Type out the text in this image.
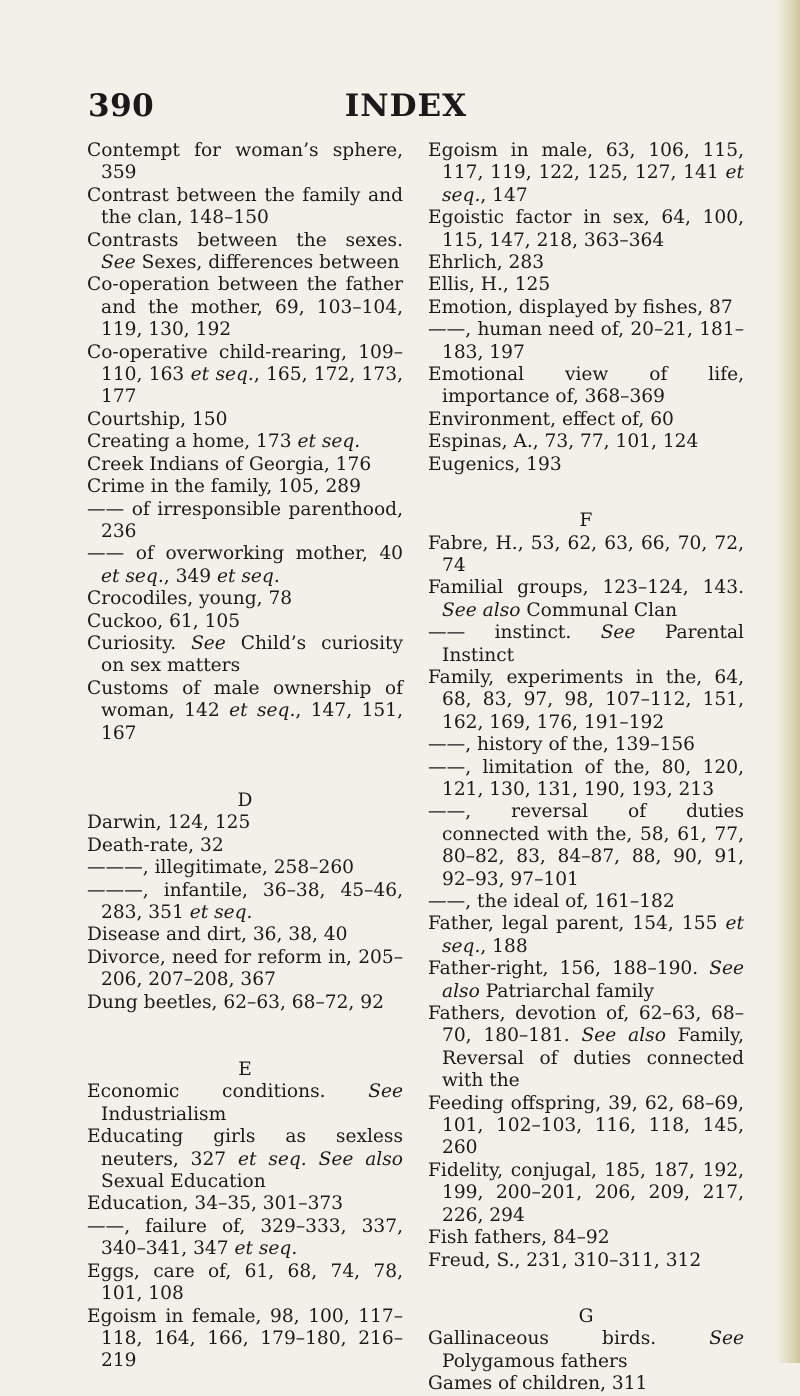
390	INDEX

Contempt for woman’s sphere, 359

Contrast between the family and the clan, 148–150

Contrasts between the sexes. See Sexes, differences between

Co-operation between the father and the mother, 69, 103–104, 119, 130, 192

Co-operative child-rearing, 109–110, 163 et seq., 165, 172, 173, 177

Courtship, 150

Creating a home, 173 et seq.

Creek Indians of Georgia, 176

Crime in the family, 105, 289

—— of irresponsible parenthood, 236

—— of overworking mother, 40 et seq., 349 et seq.

Crocodiles, young, 78

Cuckoo, 61, 105

Curiosity. See Child’s curiosity on sex matters

Customs of male ownership of woman, 142 et seq., 147, 151, 167

D

Darwin, 124, 125

Death-rate, 32

———, illegitimate, 258–260

———, infantile, 36–38, 45–46, 283, 351 et seq.

Disease and dirt, 36, 38, 40

Divorce, need for reform in, 205–206, 207–208, 367

Dung beetles, 62–63, 68–72, 92

E

Economic conditions. See Industrialism

Educating girls as sexless neuters, 327 et seq. See also Sexual Education

Education, 34–35, 301–373

——, failure of, 329–333, 337, 340–341, 347 et seq.

Eggs, care of, 61, 68, 74, 78, 101, 108

Egoism in female, 98, 100, 117–118, 164, 166, 179–180, 216–219

Egoism in male, 63, 106, 115, 117, 119, 122, 125, 127, 141 et seq., 147

Egoistic factor in sex, 64, 100, 115, 147, 218, 363–364

Ehrlich, 283

Ellis, H., 125

Emotion, displayed by fishes, 87

——, human need of, 20–21, 181–183, 197

Emotional view of life, importance of, 368–369

Environment, effect of, 60

Espinas, A., 73, 77, 101, 124

Eugenics, 193

F

Fabre, H., 53, 62, 63, 66, 70, 72, 74

Familial groups, 123–124, 143. See also Communal Clan

—— instinct. See Parental Instinct

Family, experiments in the, 64, 68, 83, 97, 98, 107–112, 151, 162, 169, 176, 191–192

——, history of the, 139–156

——, limitation of the, 80, 120, 121, 130, 131, 190, 193, 213

——, reversal of duties connected with the, 58, 61, 77, 80–82, 83, 84–87, 88, 90, 91, 92–93, 97–101

——, the ideal of, 161–182

Father, legal parent, 154, 155 et seq., 188

Father-right, 156, 188–190. See also Patriarchal family

Fathers, devotion of, 62–63, 68–70, 180–181. See also Family, Reversal of duties connected with the

Feeding offspring, 39, 62, 68–69, 101, 102–103, 116, 118, 145, 260

Fidelity, conjugal, 185, 187, 192, 199, 200–201, 206, 209, 217, 226, 294

Fish fathers, 84–92

Freud, S., 231, 310–311, 312

G

Gallinaceous birds. See Polygamous fathers

Games of children, 311
